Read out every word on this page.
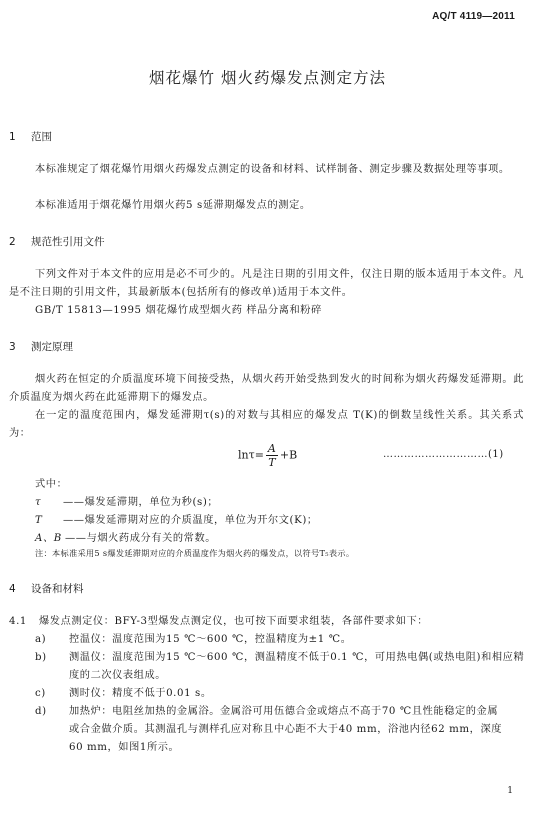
AQ/T 4119—2011
烟花爆竹 烟火药爆发点测定方法
1 范围
本标准规定了烟花爆竹用烟火药爆发点测定的设备和材料、试样制备、测定步骤及数据处理等事项。
本标准适用于烟花爆竹用烟火药5 s延滞期爆发点的测定。
2 规范性引用文件
下列文件对于本文件的应用是必不可少的。凡是注日期的引用文件，仅注日期的版本适用于本文件。凡是不注日期的引用文件，其最新版本(包括所有的修改单)适用于本文件。
GB/T 15813—1995 烟花爆竹成型烟火药 样品分离和粉碎
3 测定原理
烟火药在恒定的介质温度环境下间接受热，从烟火药开始受热到发火的时间称为烟火药爆发延滞期。此介质温度为烟火药在此延滞期下的爆发点。
在一定的温度范围内，爆发延滞期τ(s)的对数与其相应的爆发点 T(K)的倒数呈线性关系。其关系式为：
$\ln\tau= \frac{A}{T} +B$	…………………………(1)
式中：
τ ——爆发延滞期，单位为秒(s)；
T ——爆发延滞期对应的介质温度，单位为开尔文(K)；
A、B ——与烟火药成分有关的常数。
注：本标准采用5 s爆发延滞期对应的介质温度作为烟火药的爆发点，以符号T₅表示。
4 设备和材料
4.1 爆发点测定仪：BFY-3型爆发点测定仪，也可按下面要求组装，各部件要求如下：
a) 控温仪：温度范围为15 ℃～600 ℃，控温精度为±1 ℃。
b) 测温仪：温度范围为15 ℃～600 ℃，测温精度不低于0.1 ℃，可用热电偶(或热电阻)和相应精
度的二次仪表组成。
c) 测时仪：精度不低于0.01 s。
d) 加热炉：电阻丝加热的金属浴。金属浴可用伍德合金或熔点不高于70 ℃且性能稳定的金属
或合金做介质。其测温孔与测样孔应对称且中心距不大于40 mm，浴池内径62 mm，深度
60 mm，如图1所示。
1
